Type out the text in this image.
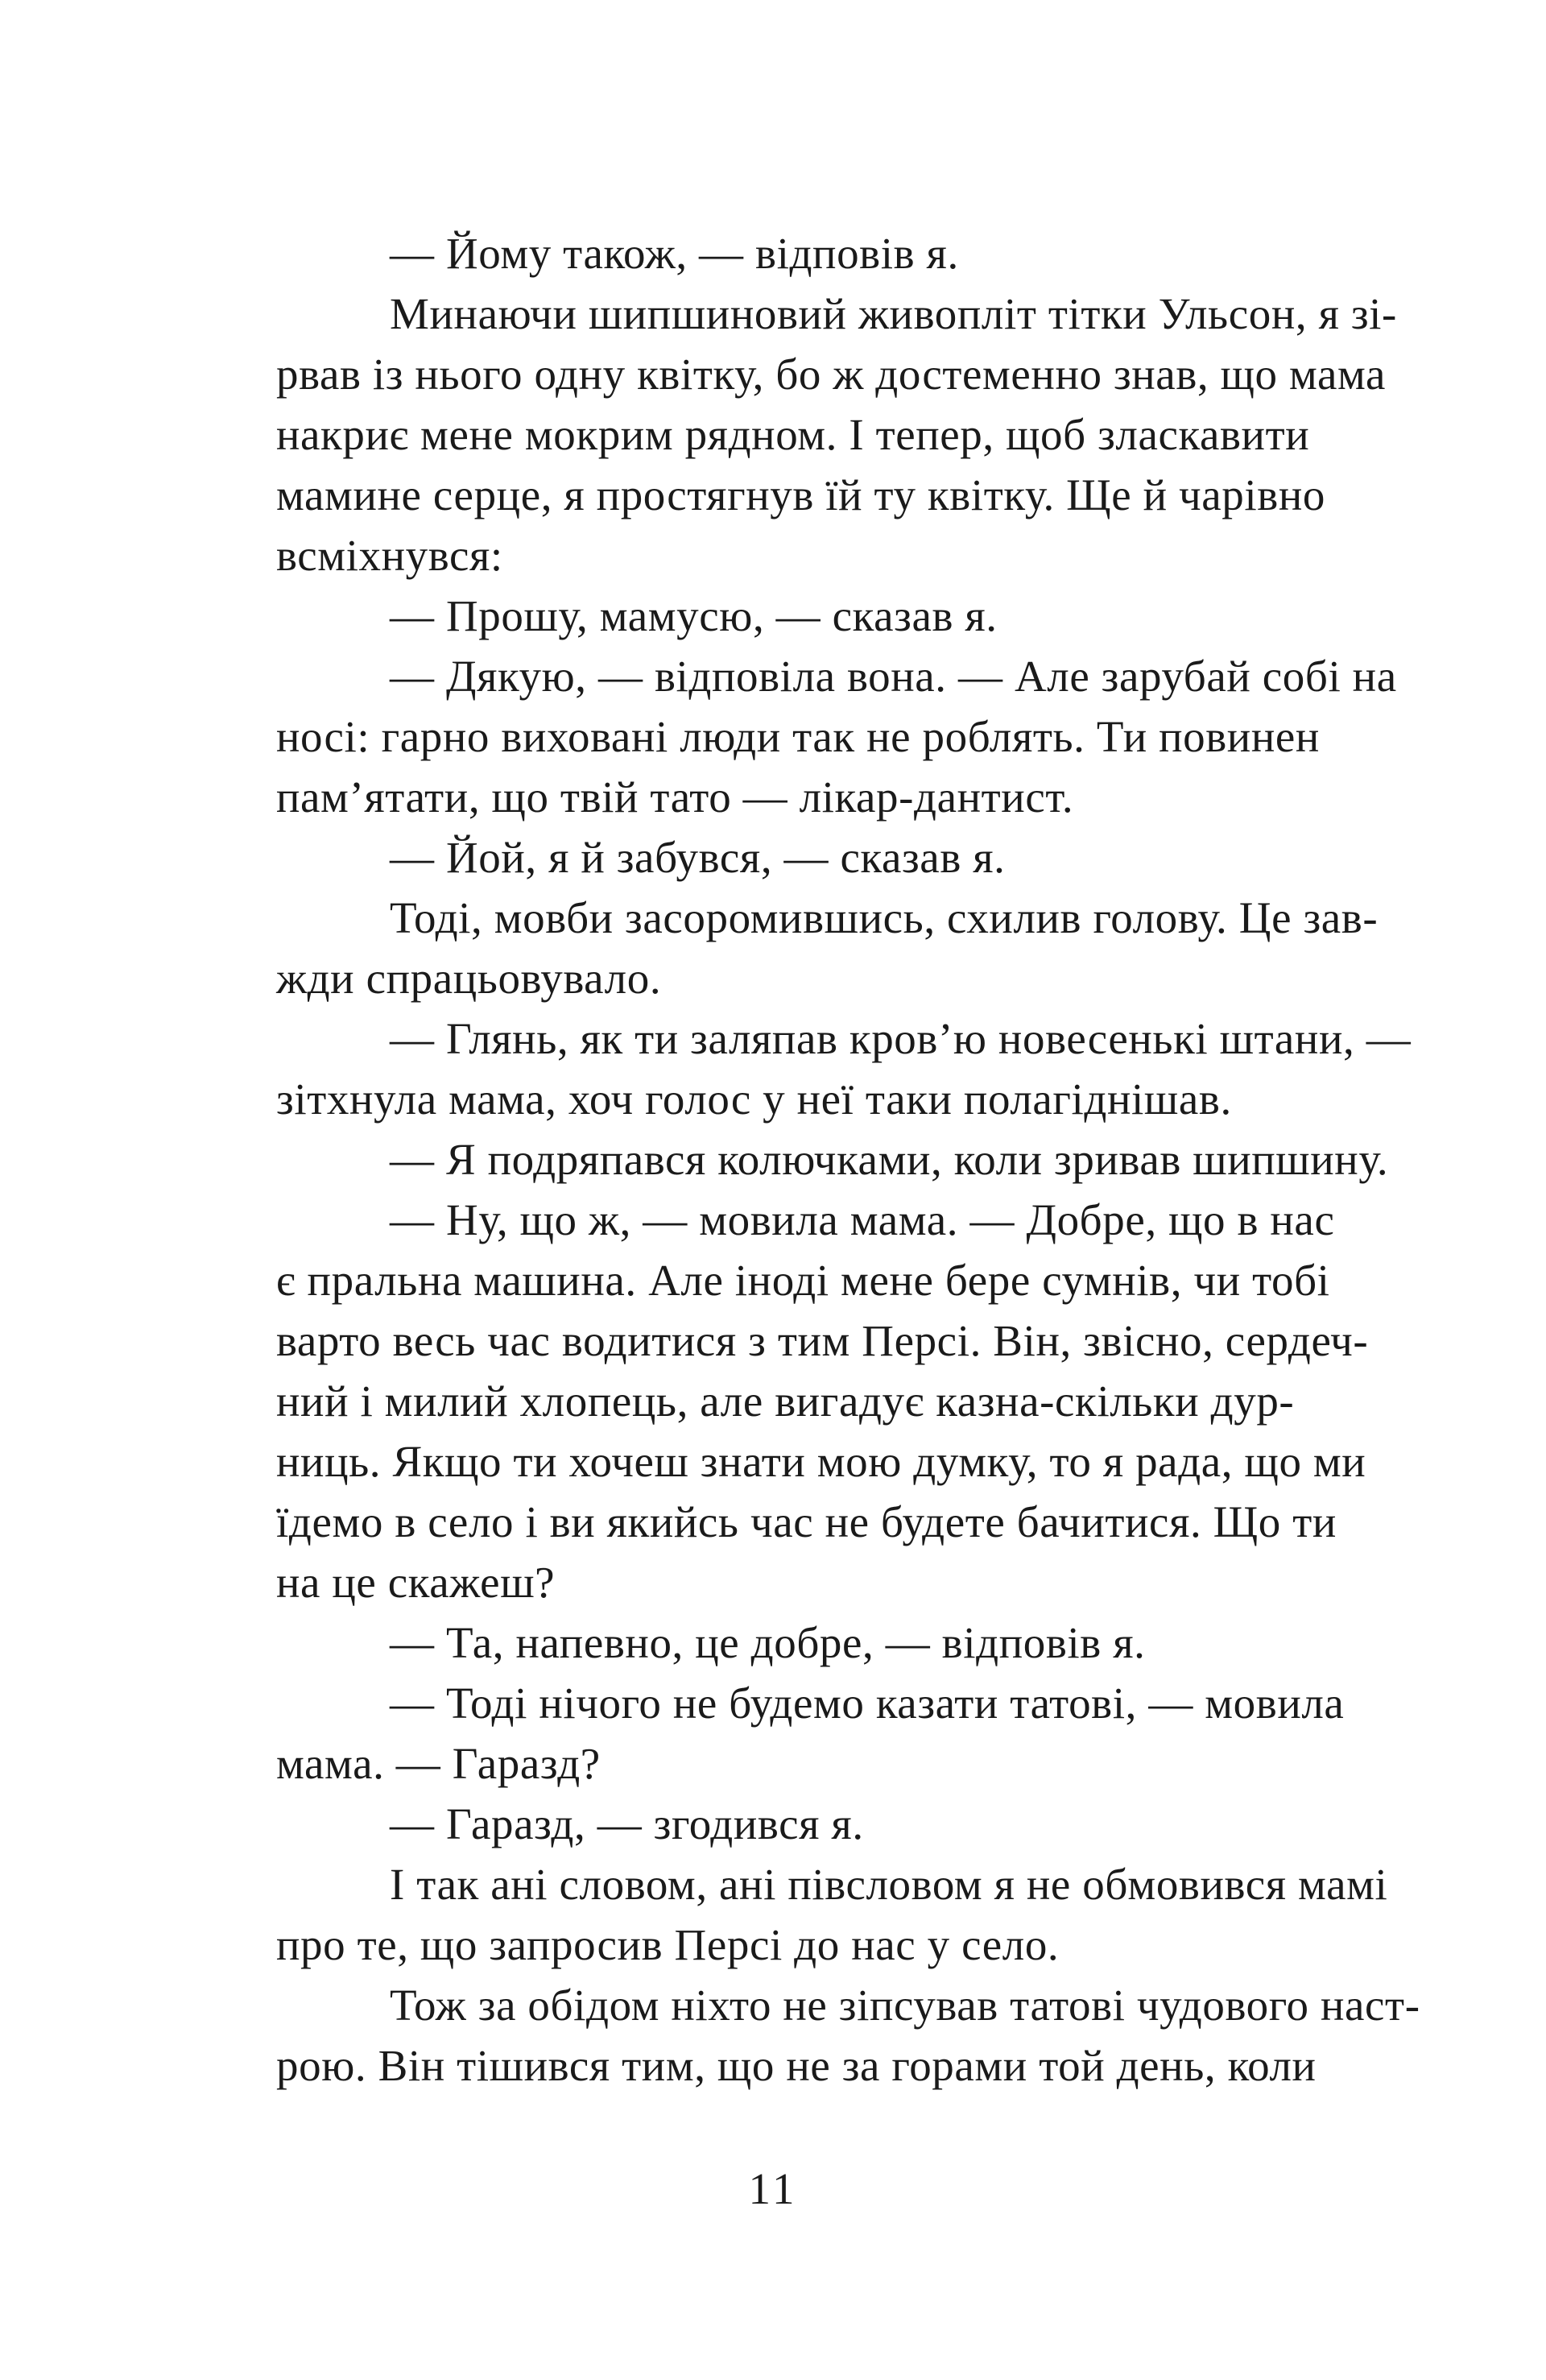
— Йому також, — відповів я.
Минаючи шипшиновий живопліт тітки Ульсон, я зі-
рвав із нього одну квітку, бо ж достеменно знав, що мама
накриє мене мокрим рядном. І тепер, щоб зласкавити
мамине серце, я простягнув їй ту квітку. Ще й чарівно
всміхнувся:
— Прошу, мамусю, — сказав я.
— Дякую, — відповіла вона. — Але зарубай собі на
носі: гарно виховані люди так не роблять. Ти повинен
пам’ятати, що твій тато — лікар-дантист.
— Йой, я й забувся, — сказав я.
Тоді, мовби засоромившись, схилив голову. Це зав-
жди спрацьовувало.
— Глянь, як ти заляпав кров’ю новесенькі штани, —
зітхнула мама, хоч голос у неї таки полагіднішав.
— Я подряпався колючками, коли зривав шипшину.
— Ну, що ж, — мовила мама. — Добре, що в нас
є пральна машина. Але іноді мене бере сумнів, чи тобі
варто весь час водитися з тим Персі. Він, звісно, сердеч-
ний і милий хлопець, але вигадує казна-скільки дур-
ниць. Якщо ти хочеш знати мою думку, то я рада, що ми
їдемо в село і ви якийсь час не будете бачитися. Що ти
на це скажеш?
— Та, напевно, це добре, — відповів я.
— Тоді нічого не будемо казати татові, — мовила
мама. — Гаразд?
— Гаразд, — згодився я.
І так ані словом, ані півсловом я не обмовився мамі
про те, що запросив Персі до нас у село.
Тож за обідом ніхто не зіпсував татові чудового наст-
рою. Він тішився тим, що не за горами той день, коли
11
